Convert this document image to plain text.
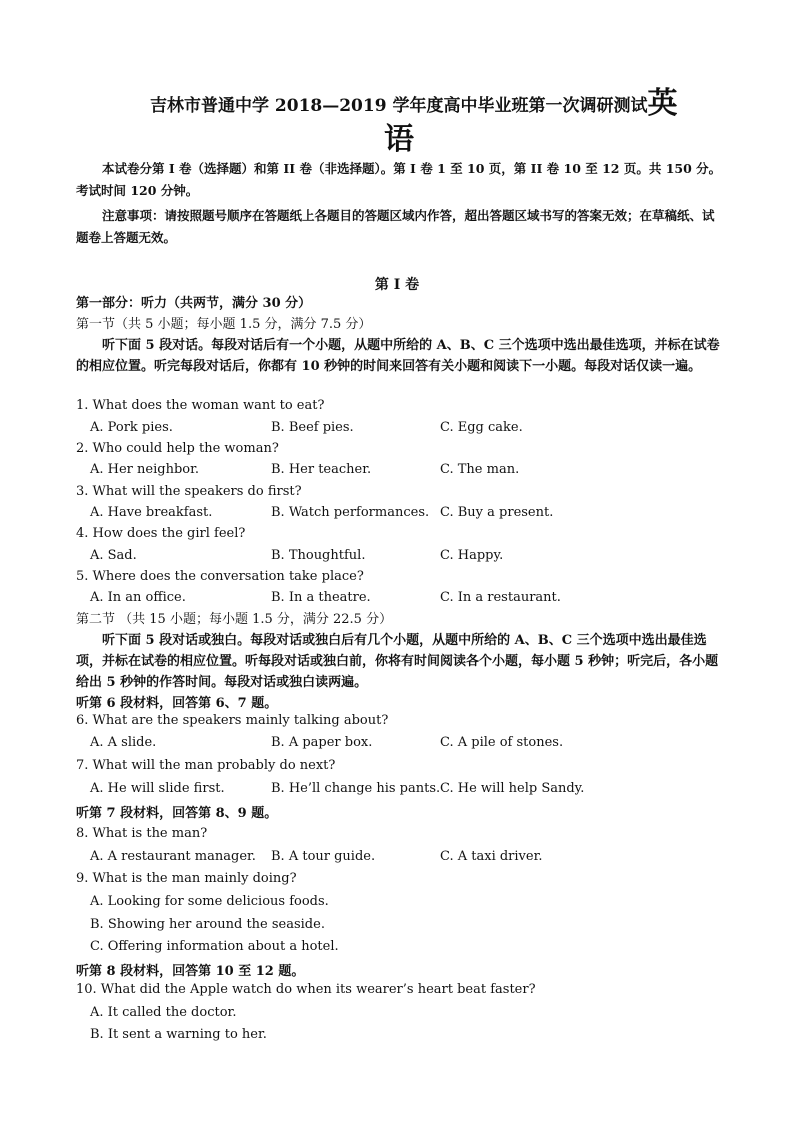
吉林市普通中学 2018—2019 学年度高中毕业班第一次调研测试英
语
本试卷分第 I 卷（选择题）和第 II 卷（非选择题）。第 I 卷 1 至 10 页，第 II 卷 10 至 12 页。共 150 分。考试时间 120 分钟。
注意事项：请按照题号顺序在答题纸上各题目的答题区域内作答，超出答题区域书写的答案无效；在草稿纸、试题卷上答题无效。
第 I 卷
第一部分：听力（共两节，满分 30 分）
第一节（共 5 小题；每小题 1.5 分，满分 7.5 分）
听下面 5 段对话。每段对话后有一个小题，从题中所给的 A、B、C 三个选项中选出最佳选项，并标在试卷的相应位置。听完每段对话后，你都有 10 秒钟的时间来回答有关小题和阅读下一小题。每段对话仅读一遍。
1. What does the woman want to eat?
A. Pork pies.	B. Beef pies.	C. Egg cake.
2. Who could help the woman?
A. Her neighbor.	B. Her teacher.	C. The man.
3. What will the speakers do first?
A. Have breakfast.	B. Watch performances. C. Buy a present.
4. How does the girl feel?
A. Sad.	B. Thoughtful.	C. Happy.
5. Where does the conversation take place?
A. In an office.	B. In a theatre.	C. In a restaurant.
第二节 （共 15 小题；每小题 1.5 分，满分 22.5 分）
听下面 5 段对话或独白。每段对话或独白后有几个小题，从题中所给的 A、B、C 三个选项中选出最佳选项，并标在试卷的相应位置。听每段对话或独白前，你将有时间阅读各个小题，每小题 5 秒钟；听完后，各小题给出 5 秒钟的作答时间。每段对话或独白读两遍。
听第 6 段材料，回答第 6、7 题。
6. What are the speakers mainly talking about?
A. A slide.	B. A paper box.	C. A pile of stones.
7. What will the man probably do next?
A. He will slide first.	B. He’ll change his pants. C. He will help Sandy.
听第 7 段材料，回答第 8、9 题。
8. What is the man?
A. A restaurant manager. B. A tour guide.	C. A taxi driver.
9. What is the man mainly doing?
A. Looking for some delicious foods.
B. Showing her around the seaside.
C. Offering information about a hotel.
听第 8 段材料，回答第 10 至 12 题。
10. What did the Apple watch do when its wearer’s heart beat faster?
A. It called the doctor.
B. It sent a warning to her.
